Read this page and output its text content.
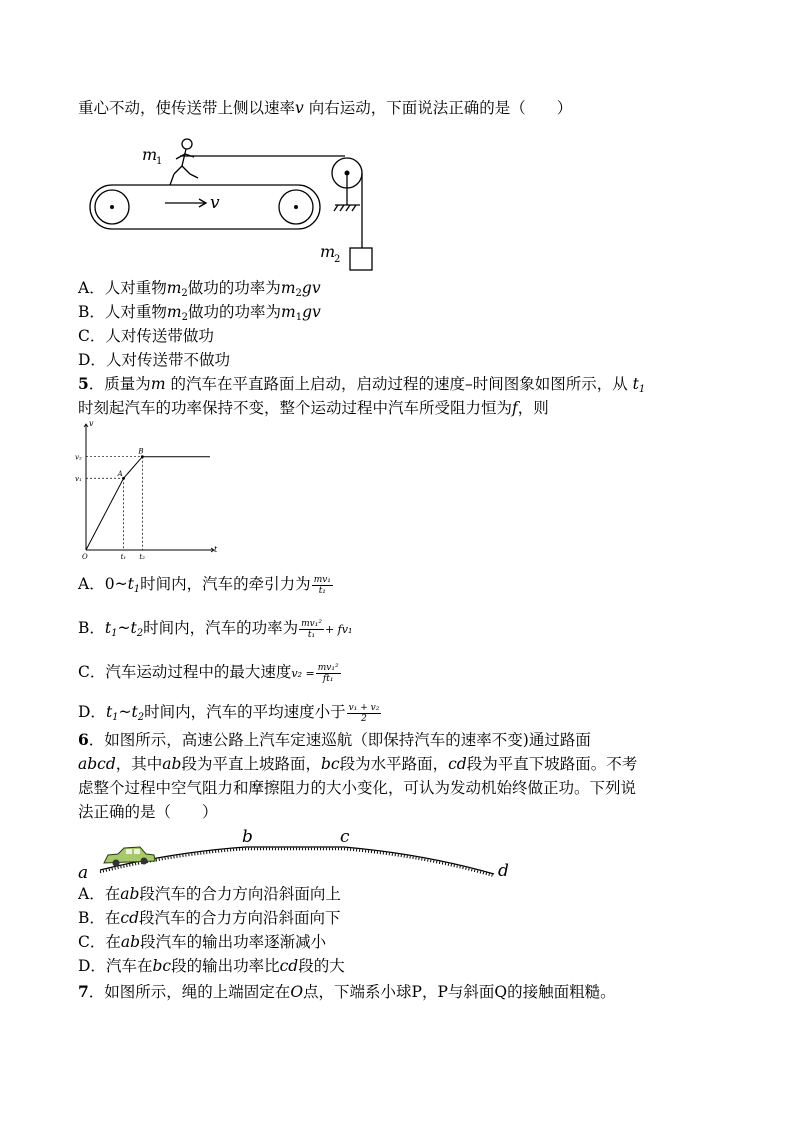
重心不动，使传送带上侧以速率v 向右运动，下面说法正确的是（　　）
v
m
1
m
2
A．人对重物$m_2$做功的功率为$m_2gv$
B．人对重物$m_2$做功的功率为$m_1gv$
C．人对传送带做功
D．人对传送带不做功
5．质量为m 的汽车在平直路面上启动，启动过程的速度–时间图象如图所示，从 $t_1$
时刻起汽车的功率保持不变，整个运动过程中汽车所受阻力恒为f，则
t
v
O
A
B
t₁ t₂
v₁
v₂
A．$0\sim t_1$时间内，汽车的牵引力为 $\frac{\text{mv₁}}{\text{t₁}}$
B．$t_1\sim t_2$时间内，汽车的功率为 $\frac{\text{mv₁²}}{\text{t₁}} + fv_1$
C．汽车运动过程中的最大速度$v_2 = \frac{\text{mv₁²}}{\text{ft₁}}$
D．$t_1\sim t_2$时间内，汽车的平均速度小于 $\frac{\text{v₁ + v₂}}{2}$
6．如图所示，高速公路上汽车定速巡航（即保持汽车的速率不变)通过路面
abcd，其中ab段为平直上坡路面，bc段为水平路面，cd段为平直下坡路面。不考
虑整个过程中空气阻力和摩擦阻力的大小变化，可认为发动机始终做正功。下列说
法正确的是（　　）
a
b	c
d
A．在ab段汽车的合力方向沿斜面向上
B．在cd段汽车的合力方向沿斜面向下
C．在ab段汽车的输出功率逐渐减小
D．汽车在bc段的输出功率比cd段的大
7．如图所示，绳的上端固定在O点，下端系小球P，P与斜面Q的接触面粗糙。
